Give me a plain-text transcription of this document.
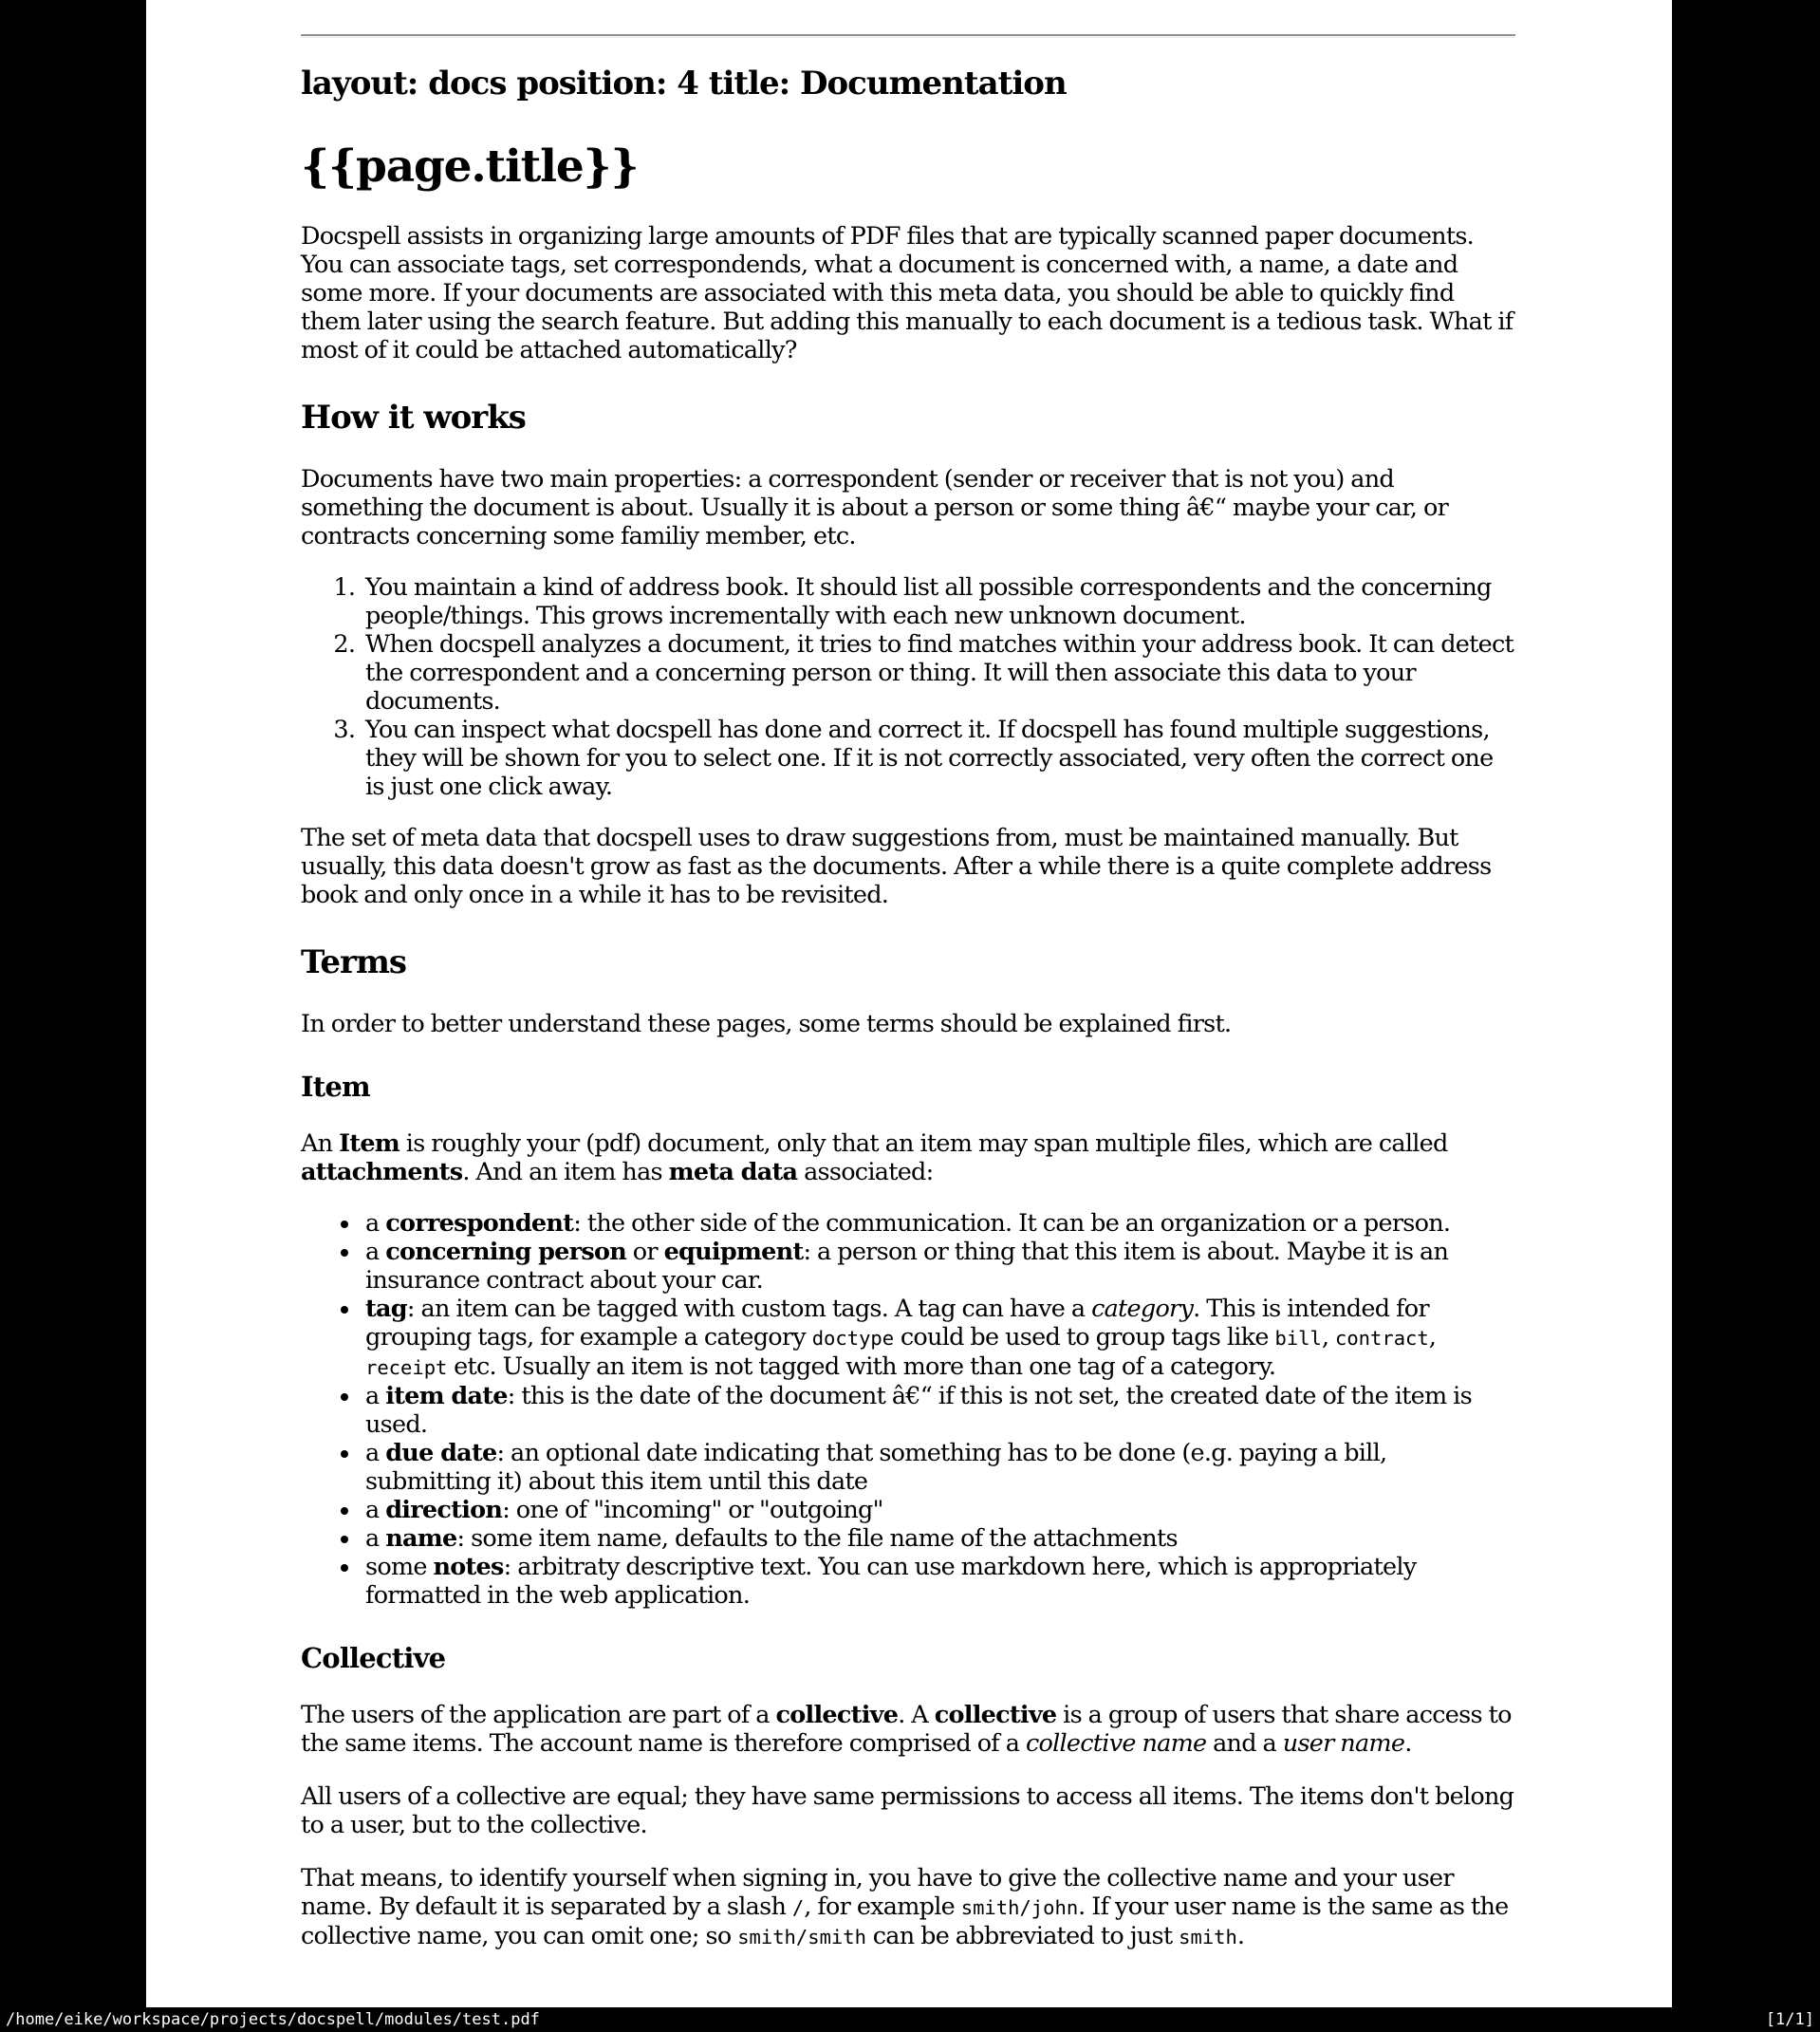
layout: docs position: 4 title: Documentation
{{page.title}}

Docspell assists in organizing large amounts of PDF files that are typically scanned paper documents. You can associate tags, set correspondends, what a document is concerned with, a name, a date and some more. If your documents are associated with this meta data, you should be able to quickly find them later using the search feature. But adding this manually to each document is a tedious task. What if most of it could be attached automatically?

How it works

Documents have two main properties: a correspondent (sender or receiver that is not you) and something the document is about. Usually it is about a person or some thing â€“ maybe your car, or contracts concerning some familiy member, etc.

1. You maintain a kind of address book. It should list all possible correspondents and the concerning people/things. This grows incrementally with each new unknown document.
2. When docspell analyzes a document, it tries to find matches within your address book. It can detect the correspondent and a concerning person or thing. It will then associate this data to your documents.
3. You can inspect what docspell has done and correct it. If docspell has found multiple suggestions, they will be shown for you to select one. If it is not correctly associated, very often the correct one is just one click away.

The set of meta data that docspell uses to draw suggestions from, must be maintained manually. But usually, this data doesn't grow as fast as the documents. After a while there is a quite complete address book and only once in a while it has to be revisited.

Terms

In order to better understand these pages, some terms should be explained first.

Item

An Item is roughly your (pdf) document, only that an item may span multiple files, which are called attachments. And an item has meta data associated:

• a correspondent: the other side of the communication. It can be an organization or a person.
• a concerning person or equipment: a person or thing that this item is about. Maybe it is an insurance contract about your car.
• tag: an item can be tagged with custom tags. A tag can have a category. This is intended for grouping tags, for example a category doctype could be used to group tags like bill, contract, receipt etc. Usually an item is not tagged with more than one tag of a category.
• a item date: this is the date of the document â€“ if this is not set, the created date of the item is used.
• a due date: an optional date indicating that something has to be done (e.g. paying a bill, submitting it) about this item until this date
• a direction: one of "incoming" or "outgoing"
• a name: some item name, defaults to the file name of the attachments
• some notes: arbitraty descriptive text. You can use markdown here, which is appropriately formatted in the web application.
Collective

The users of the application are part of a collective. A collective is a group of users that share access to the same items. The account name is therefore comprised of a collective name and a user name.

All users of a collective are equal; they have same permissions to access all items. The items don't belong to a user, but to the collective.

That means, to identify yourself when signing in, you have to give the collective name and your user name. By default it is separated by a slash /, for example smith/john. If your user name is the same as the collective name, you can omit one; so smith/smith can be abbreviated to just smith.

/home/eike/workspace/projects/docspell/modules/test.pdf	[1/1]
